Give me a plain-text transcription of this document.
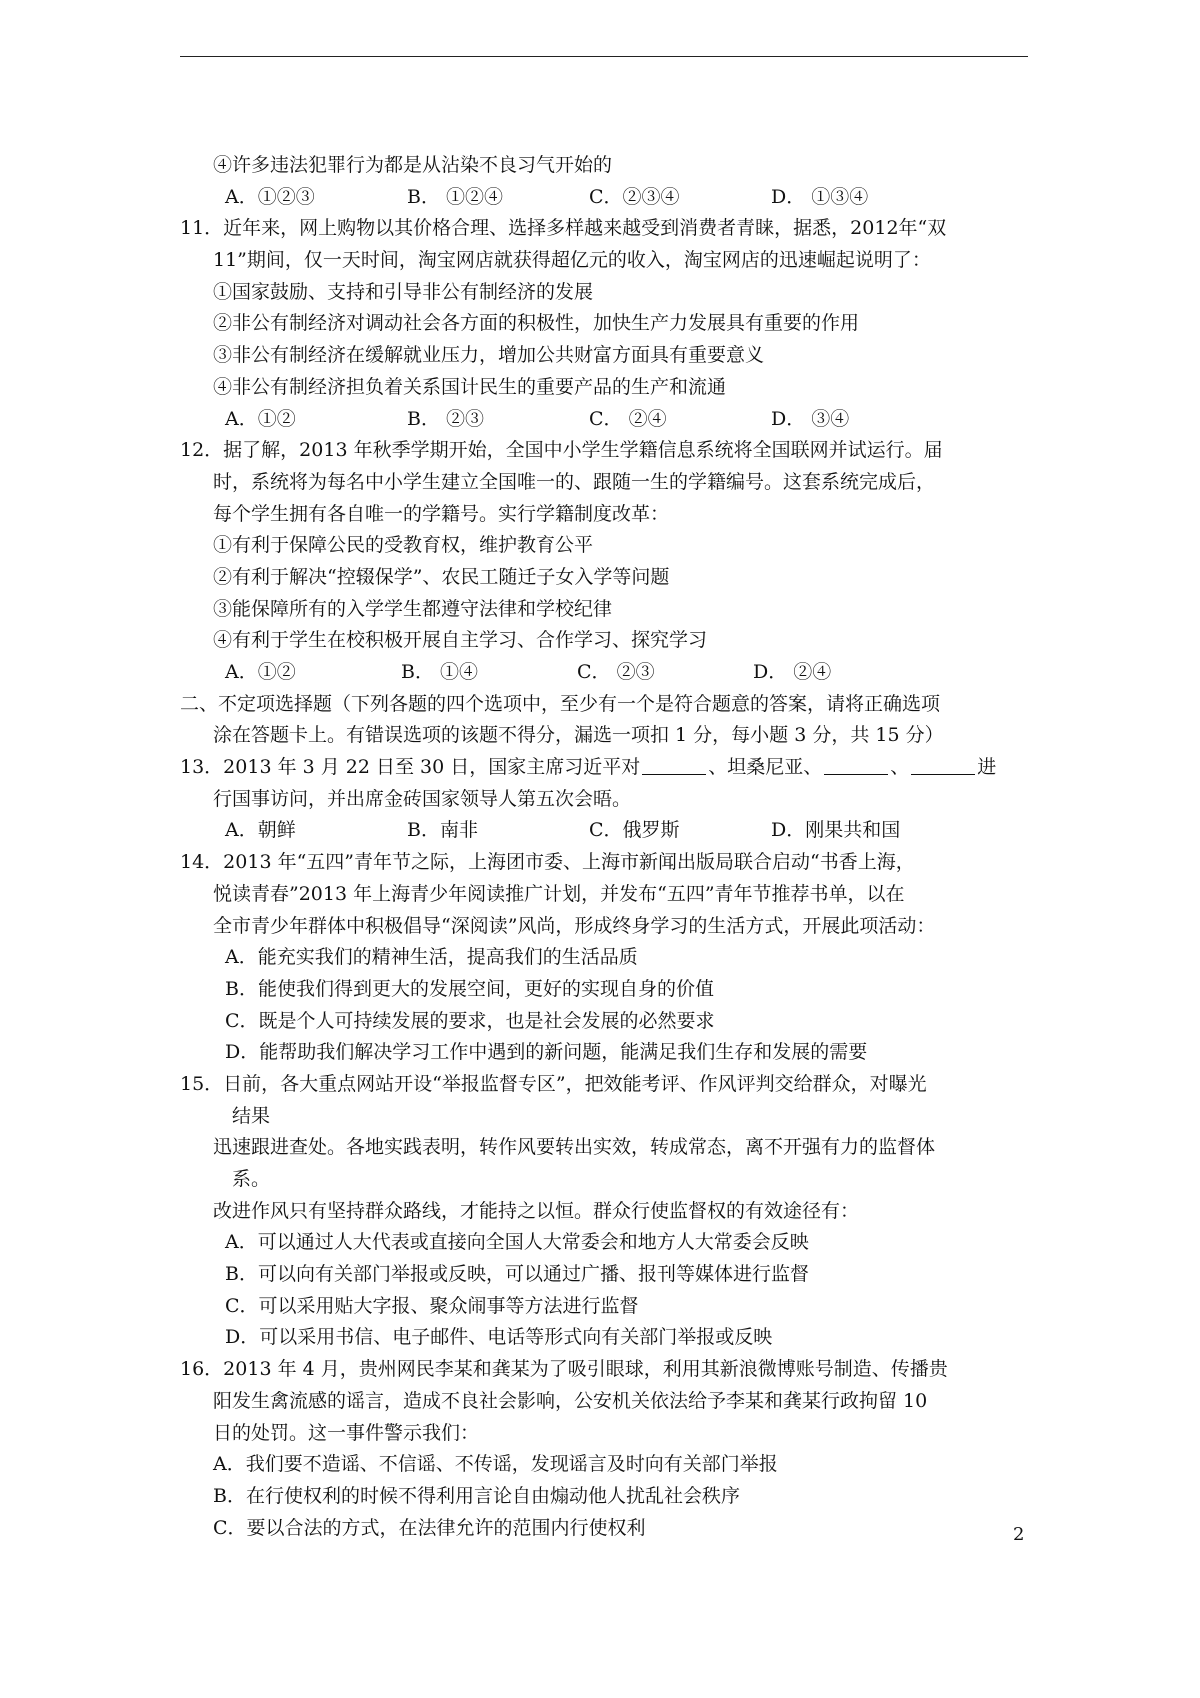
④许多违法犯罪行为都是从沾染不良习气开始的
A．①②③	B． ①②④	C．②③④	D． ①③④
11．近年来，网上购物以其价格合理、选择多样越来越受到消费者青睐，据悉，2012年“双
11”期间，仅一天时间，淘宝网店就获得超亿元的收入，淘宝网店的迅速崛起说明了：
①国家鼓励、支持和引导非公有制经济的发展
②非公有制经济对调动社会各方面的积极性，加快生产力发展具有重要的作用
③非公有制经济在缓解就业压力，增加公共财富方面具有重要意义
④非公有制经济担负着关系国计民生的重要产品的生产和流通
A．①②	B． ②③	C． ②④	D． ③④
12．据了解，2013 年秋季学期开始，全国中小学生学籍信息系统将全国联网并试运行。届
时，系统将为每名中小学生建立全国唯一的、跟随一生的学籍编号。这套系统完成后，
每个学生拥有各自唯一的学籍号。实行学籍制度改革：
①有利于保障公民的受教育权，维护教育公平
②有利于解决“控辍保学”、农民工随迁子女入学等问题
③能保障所有的入学学生都遵守法律和学校纪律
④有利于学生在校积极开展自主学习、合作学习、探究学习
A．①②	B． ①④	C． ②③	D． ②④
二、不定项选择题（下列各题的四个选项中，至少有一个是符合题意的答案，请将正确选项
涂在答题卡上。有错误选项的该题不得分，漏选一项扣 1 分，每小题 3 分，共 15 分）
13．2013 年 3 月 22 日至 30 日，国家主席习近平对	、坦桑尼亚、	、	进
行国事访问，并出席金砖国家领导人第五次会晤。
A．朝鲜	B．南非	C．俄罗斯	D．刚果共和国
14．2013 年“五四”青年节之际，上海团市委、上海市新闻出版局联合启动“书香上海，
悦读青春”2013 年上海青少年阅读推广计划，并发布“五四”青年节推荐书单，以在
全市青少年群体中积极倡导“深阅读”风尚，形成终身学习的生活方式，开展此项活动：
A．能充实我们的精神生活，提高我们的生活品质
B．能使我们得到更大的发展空间，更好的实现自身的价值
C．既是个人可持续发展的要求，也是社会发展的必然要求
D．能帮助我们解决学习工作中遇到的新问题，能满足我们生存和发展的需要
15．日前，各大重点网站开设“举报监督专区”，把效能考评、作风评判交给群众，对曝光
结果
迅速跟进查处。各地实践表明，转作风要转出实效，转成常态，离不开强有力的监督体
系。
改进作风只有坚持群众路线，才能持之以恒。群众行使监督权的有效途径有：
A．可以通过人大代表或直接向全国人大常委会和地方人大常委会反映
B．可以向有关部门举报或反映，可以通过广播、报刊等媒体进行监督
C．可以采用贴大字报、聚众闹事等方法进行监督
D．可以采用书信、电子邮件、电话等形式向有关部门举报或反映
16．2013 年 4 月，贵州网民李某和龚某为了吸引眼球，利用其新浪微博账号制造、传播贵
阳发生禽流感的谣言，造成不良社会影响，公安机关依法给予李某和龚某行政拘留 10
日的处罚。这一事件警示我们：
A．我们要不造谣、不信谣、不传谣，发现谣言及时向有关部门举报
B．在行使权利的时候不得利用言论自由煽动他人扰乱社会秩序
C．要以合法的方式，在法律允许的范围内行使权利	2
